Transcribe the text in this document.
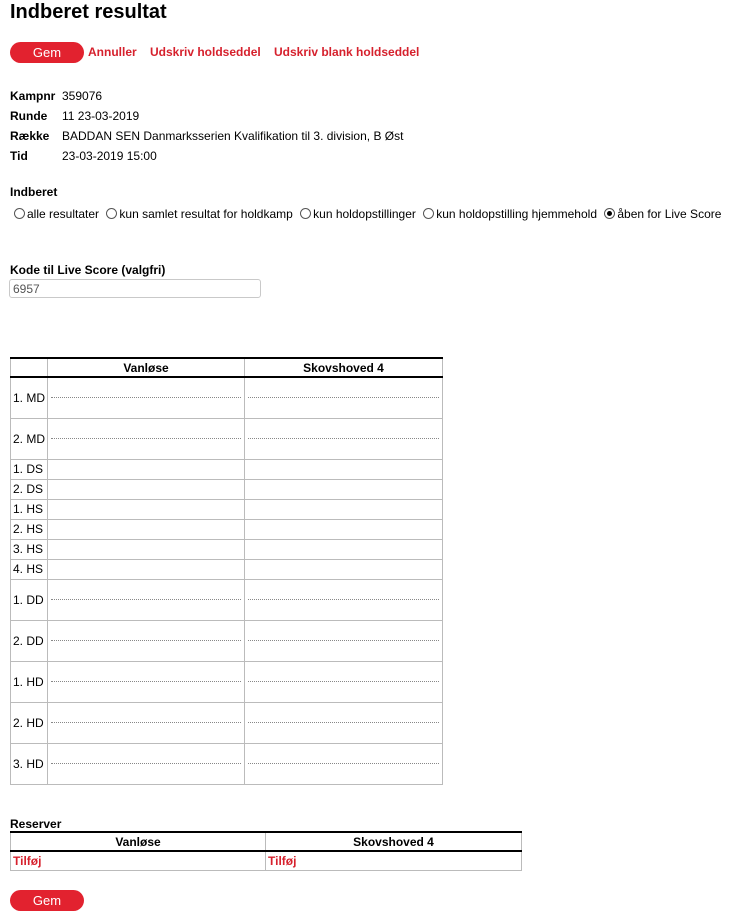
Indberet resultat
Gem	Annuller Udskriv holdseddel Udskriv blank holdseddel
Kampnr 359076
Runde 11 23-03-2019
Række BADDAN SEN Danmarksserien Kvalifikation til 3. division, B Øst
Tid	23-03-2019 15:00
Indberet
alle resultater kun samlet resultat for holdkamp kun holdopstillinger kun holdopstilling hjemmehold åben for Live Score
Kode til Live Score (valgfri)
6957
	Vanløse	Skovshoved 4
1. MD	

2. MD	

1. DS		
2. DS		
1. HS		
2. HS		
3. HS		
4. HS		
1. DD	

2. DD	

1. HD	

2. HD	

3. HD	

Reserver
Vanløse	Skovshoved 4
Tilføj	Tilføj
Gem
